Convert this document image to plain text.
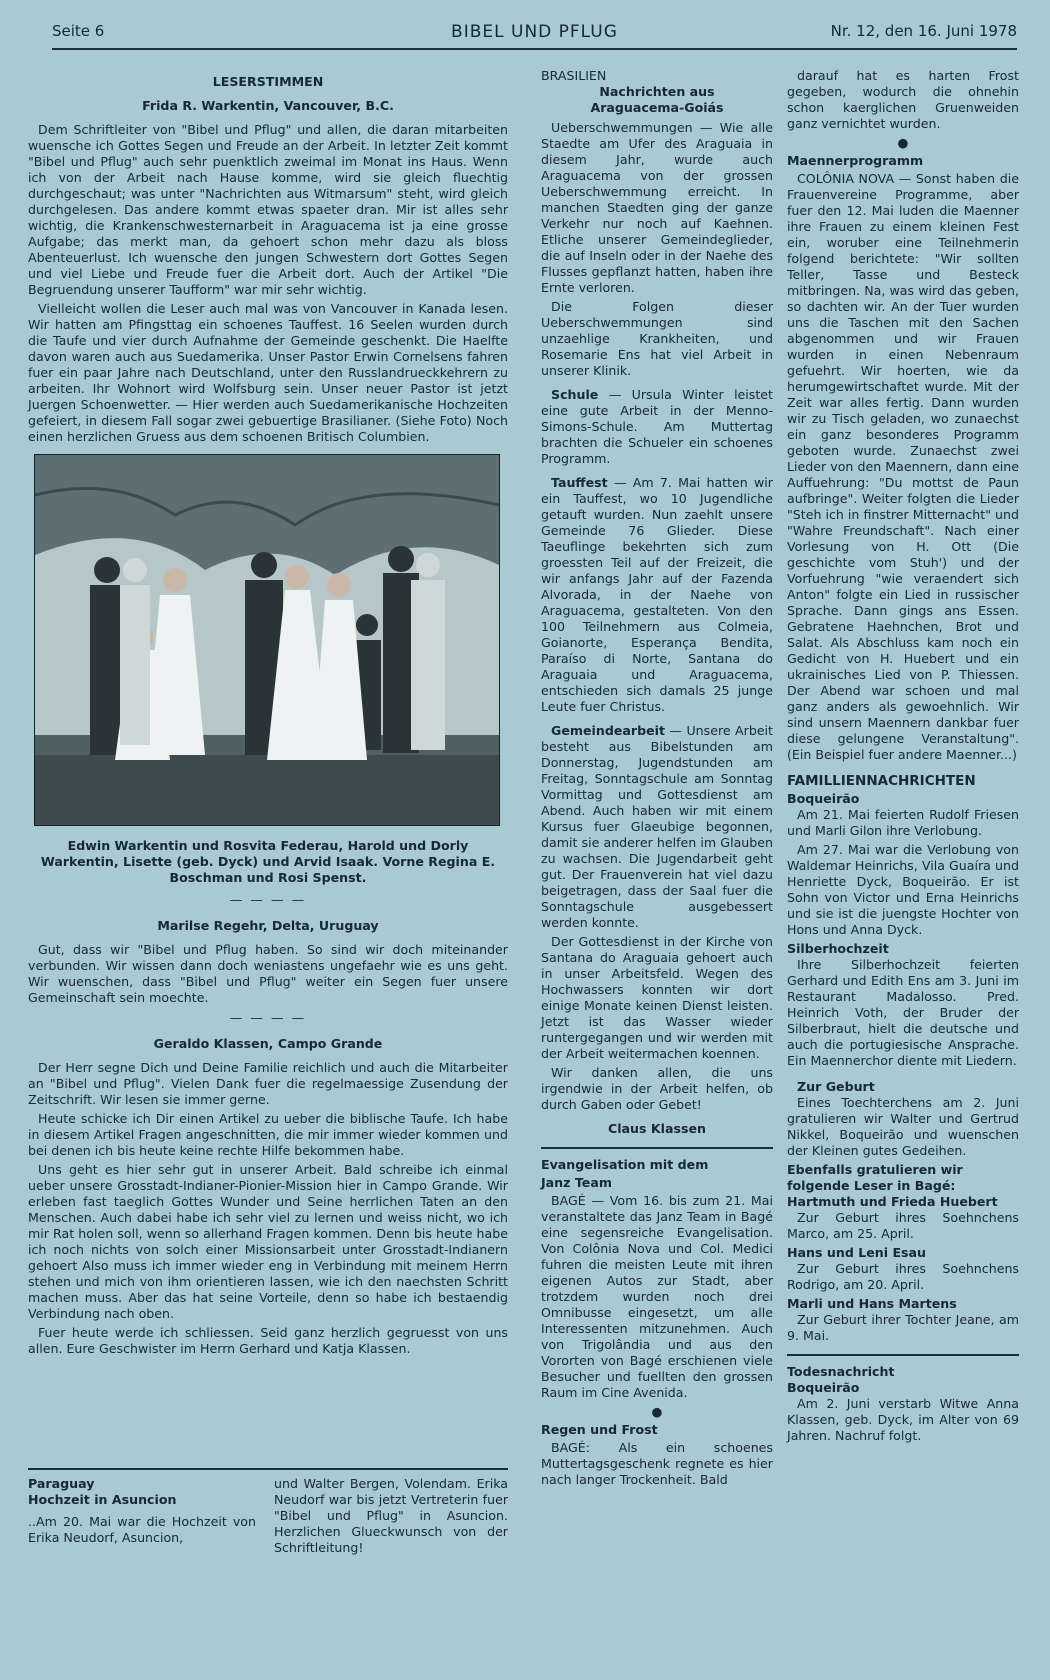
Seite 6	BIBEL UND PFLUG	Nr. 12, den 16. Juni 1978
LESERSTIMMEN
Frida R. Warkentin, Vancouver, B.C.

Dem Schriftleiter von "Bibel und Pflug" und allen, die daran mitarbeiten wuensche ich Gottes Segen und Freude an der Arbeit. In letzter Zeit kommt "Bibel und Pflug" auch sehr puenktlich zweimal im Monat ins Haus. Wenn ich von der Arbeit nach Hause komme, wird sie gleich fluechtig durchgeschaut; was unter "Nachrichten aus Witmarsum" steht, wird gleich durchgelesen. Das andere kommt etwas spaeter dran. Mir ist alles sehr wichtig, die Krankenschwesternarbeit in Araguacema ist ja eine grosse Aufgabe; das merkt man, da gehoert schon mehr dazu als bloss Abenteuerlust. Ich wuensche den jungen Schwestern dort Gottes Segen und viel Liebe und Freude fuer die Arbeit dort. Auch der Artikel "Die Begruendung unserer Taufform" war mir sehr wichtig.

Vielleicht wollen die Leser auch mal was von Vancouver in Kanada lesen. Wir hatten am Pfingsttag ein schoenes Tauffest. 16 Seelen wurden durch die Taufe und vier durch Aufnahme der Gemeinde geschenkt. Die Haelfte davon waren auch aus Suedamerika. Unser Pastor Erwin Cornelsens fahren fuer ein paar Jahre nach Deutschland, unter den Russlandrueckkehrern zu arbeiten. Ihr Wohnort wird Wolfsburg sein. Unser neuer Pastor ist jetzt Juergen Schoenwetter. — Hier werden auch Suedamerikanische Hochzeiten gefeiert, in diesem Fall sogar zwei gebuertige Brasilianer. (Siehe Foto) Noch einen herzlichen Gruess aus dem schoenen Britisch Columbien.

Edwin Warkentin und Rosvita Federau, Harold und Dorly Warkentin, Lisette (geb. Dyck) und Arvid Isaak. Vorne Regina E. Boschman und Rosi Spenst.
— — — —
Marilse Regehr, Delta, Uruguay

Gut, dass wir "Bibel und Pflug haben. So sind wir doch miteinander verbunden. Wir wissen dann doch weniastens ungefaehr wie es uns geht. Wir wuenschen, dass "Bibel und Pflug" weiter ein Segen fuer unsere Gemeinschaft sein moechte.

— — — —
Geraldo Klassen, Campo Grande

Der Herr segne Dich und Deine Familie reichlich und auch die Mitarbeiter an "Bibel und Pflug". Vielen Dank fuer die regelmaessige Zusendung der Zeitschrift. Wir lesen sie immer gerne.

Heute schicke ich Dir einen Artikel zu ueber die biblische Taufe. Ich habe in diesem Artikel Fragen angeschnitten, die mir immer wieder kommen und bei denen ich bis heute keine rechte Hilfe bekommen habe.

Uns geht es hier sehr gut in unserer Arbeit. Bald schreibe ich einmal ueber unsere Grosstadt-Indianer-Pionier-Mission hier in Campo Grande. Wir erleben fast taeglich Gottes Wunder und Seine herrlichen Taten an den Menschen. Auch dabei habe ich sehr viel zu lernen und weiss nicht, wo ich mir Rat holen soll, wenn so allerhand Fragen kommen. Denn bis heute habe ich noch nichts von solch einer Missionsarbeit unter Grosstadt-Indianern gehoert Also muss ich immer wieder eng in Verbindung mit meinem Herrn stehen und mich von ihm orientieren lassen, wie ich den naechsten Schritt machen muss. Aber das hat seine Vorteile, denn so habe ich bestaendig Verbindung nach oben.

Fuer heute werde ich schliessen. Seid ganz herzlich gegruesst von uns allen. Eure Geschwister im Herrn Gerhard und Katja Klassen.

Paraguay

Hochzeit in Asuncion

..Am 20. Mai war die Hochzeit von Erika Neudorf, Asuncion,

und Walter Bergen, Volendam. Erika Neudorf war bis jetzt Vertreterin fuer "Bibel und Pflug" in Asuncion. Herzlichen Glueckwunsch von der Schriftleitung!

BRASILIEN

Nachrichten aus

Araguacema-Goiás

Ueberschwemmungen — Wie alle Staedte am Ufer des Araguaia in diesem Jahr, wurde auch Araguacema von der grossen Ueberschwemmung erreicht. In manchen Staedten ging der ganze Verkehr nur noch auf Kaehnen. Etliche unserer Gemeindeglieder, die auf Inseln oder in der Naehe des Flusses gepflanzt hatten, haben ihre Ernte verloren.

Die Folgen dieser Ueberschwemmungen sind unzaehlige Krankheiten, und Rosemarie Ens hat viel Arbeit in unserer Klinik.

Schule — Ursula Winter leistet eine gute Arbeit in der Menno-Simons-Schule. Am Muttertag brachten die Schueler ein schoenes Programm.

Tauffest — Am 7. Mai hatten wir ein Tauffest, wo 10 Jugendliche getauft wurden. Nun zaehlt unsere Gemeinde 76 Glieder. Diese Taeuflinge bekehrten sich zum groessten Teil auf der Freizeit, die wir anfangs Jahr auf der Fazenda Alvorada, in der Naehe von Araguacema, gestalteten. Von den 100 Teilnehmern aus Colmeia, Goianorte, Esperança Bendita, Paraíso di Norte, Santana do Araguaia und Araguacema, entschieden sich damals 25 junge Leute fuer Christus.

Gemeindearbeit — Unsere Arbeit besteht aus Bibelstunden am Donnerstag, Jugendstunden am Freitag, Sonntagschule am Sonntag Vormittag und Gottesdienst am Abend. Auch haben wir mit einem Kursus fuer Glaeubige begonnen, damit sie anderer helfen im Glauben zu wachsen. Die Jugendarbeit geht gut. Der Frauenverein hat viel dazu beigetragen, dass der Saal fuer die Sonntagschule ausgebessert werden konnte.

Der Gottesdienst in der Kirche von Santana do Araguaia gehoert auch in unser Arbeitsfeld. Wegen des Hochwassers konnten wir dort einige Monate keinen Dienst leisten. Jetzt ist das Wasser wieder runtergegangen und wir werden mit der Arbeit weitermachen koennen.

Wir danken allen, die uns irgendwie in der Arbeit helfen, ob durch Gaben oder Gebet!

Claus Klassen

Evangelisation mit dem

Janz Team

BAGÉ — Vom 16. bis zum 21. Mai veranstaltete das Janz Team in Bagé eine segensreiche Evangelisation. Von Colônia Nova und Col. Medici fuhren die meisten Leute mit ihren eigenen Autos zur Stadt, aber trotzdem wurden noch drei Omnibusse eingesetzt, um alle Interessenten mitzunehmen. Auch von Trigolândia und aus den Vororten von Bagé erschienen viele Besucher und fuellten den grossen Raum im Cine Avenida.

●

Regen und Frost

BAGÉ: Als ein schoenes Muttertagsgeschenk regnete es hier nach langer Trockenheit. Bald

darauf hat es harten Frost gegeben, wodurch die ohnehin schon kaerglichen Gruenweiden ganz vernichtet wurden.

●

Maennerprogramm

COLÔNIA NOVA — Sonst haben die Frauenvereine Programme, aber fuer den 12. Mai luden die Maenner ihre Frauen zu einem kleinen Fest ein, woruber eine Teilnehmerin folgend berichtete: "Wir sollten Teller, Tasse und Besteck mitbringen. Na, was wird das geben, so dachten wir. An der Tuer wurden uns die Taschen mit den Sachen abgenommen und wir Frauen wurden in einen Nebenraum gefuehrt. Wir hoerten, wie da herumgewirtschaftet wurde. Mit der Zeit war alles fertig. Dann wurden wir zu Tisch geladen, wo zunaechst ein ganz besonderes Programm geboten wurde. Zunaechst zwei Lieder von den Maennern, dann eine Auffuehrung: "Du mottst de Paun aufbringe". Weiter folgten die Lieder "Steh ich in finstrer Mitternacht" und "Wahre Freundschaft". Nach einer Vorlesung von H. Ott (Die geschichte vom Stuh') und der Vorfuehrung "wie veraendert sich Anton" folgte ein Lied in russischer Sprache. Dann gings ans Essen. Gebratene Haehnchen, Brot und Salat. Als Abschluss kam noch ein Gedicht von H. Huebert und ein ukrainisches Lied von P. Thiessen. Der Abend war schoen und mal ganz anders als gewoehnlich. Wir sind unsern Maennern dankbar fuer diese gelungene Veranstaltung". (Ein Beispiel fuer andere Maenner...)

FAMILLIENNACHRICHTEN

Boqueirão

Am 21. Mai feierten Rudolf Friesen und Marli Gilon ihre Verlobung.

Am 27. Mai war die Verlobung von Waldemar Heinrichs, Vila Guaíra und Henriette Dyck, Boqueirão. Er ist Sohn von Victor und Erna Heinrichs und sie ist die juengste Hochter von Hons und Anna Dyck.

Silberhochzeit

Ihre Silberhochzeit feierten Gerhard und Edith Ens am 3. Juni im Restaurant Madalosso. Pred. Heinrich Voth, der Bruder der Silberbraut, hielt die deutsche und auch die portugiesische Ansprache. Ein Maennerchor diente mit Liedern.

Zur Geburt

Eines Toechterchens am 2. Juni gratulieren wir Walter und Gertrud Nikkel, Boqueirão und wuenschen der Kleinen gutes Gedeihen.

Ebenfalls gratulieren wir

folgende Leser in Bagé:

Hartmuth und Frieda Huebert

Zur Geburt ihres Soehnchens Marco, am 25. April.

Hans und Leni Esau

Zur Geburt ihres Soehnchens Rodrigo, am 20. April.

Marli und Hans Martens

Zur Geburt ihrer Tochter Jeane, am 9. Mai.

Todesnachricht

Boqueirão

Am 2. Juni verstarb Witwe Anna Klassen, geb. Dyck, im Alter von 69 Jahren. Nachruf folgt.
